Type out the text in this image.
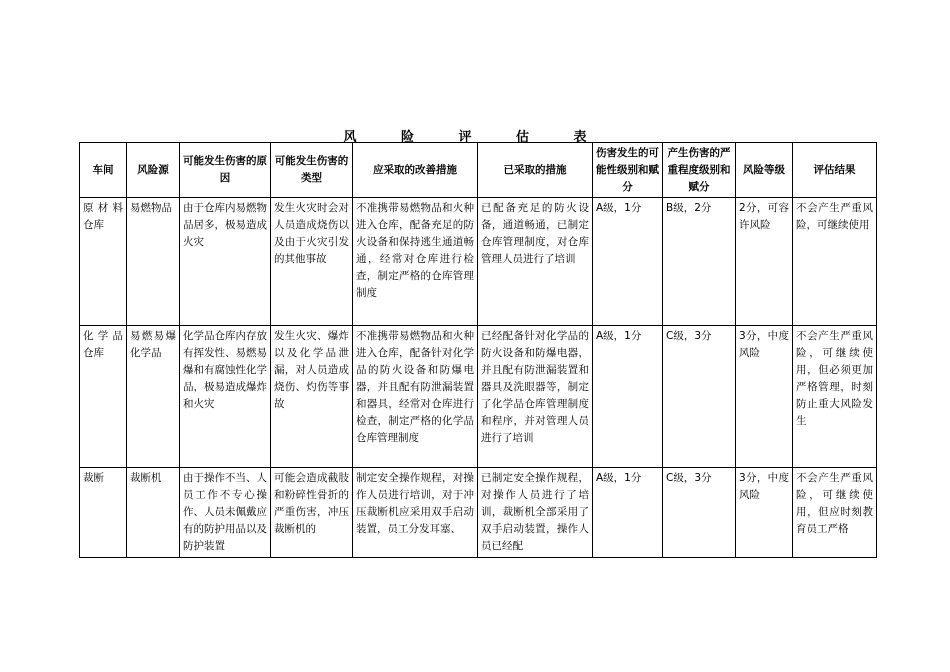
风 险 评 估 表
车间	风险源	可能发生伤害的原因	可能发生伤害的类型	应采取的改善措施	已采取的措施	伤害发生的可能性级别和赋分	产生伤害的严重程度级别和赋分	风险等级	评估结果
原材料仓库	易燃物品	由于仓库内易燃物品居多，极易造成火灾	发生火灾时会对人员造成烧伤以及由于火灾引发的其他事故	不准携带易燃物品和火种进入仓库，配备充足的防火设备和保持逃生通道畅通，经常对仓库进行检查，制定严格的仓库管理制度	已配备充足的防火设备，通道畅通，已制定仓库管理制度，对仓库管理人员进行了培训	A级，1分	B级，2分	2分，可容许风险	不会产生严重风险，可继续使用
化学品仓库	易燃易爆化学品	化学品仓库内存放有挥发性、易燃易爆和有腐蚀性化学品，极易造成爆炸和火灾	发生火灾、爆炸以及化学品泄漏，对人员造成烧伤、灼伤等事故	不准携带易燃物品和火种进入仓库，配备针对化学品的防火设备和防爆电器，并且配有防泄漏装置和器具，经常对仓库进行检查，制定严格的化学品仓库管理制度	已经配备针对化学品的防火设备和防爆电器，并且配有防泄漏装置和器具及洗眼器等，制定了化学品仓库管理制度和程序，并对管理人员进行了培训	A级，1分	C级，3分	3分，中度风险	不会产生严重风险，可继续使用，但必须更加严格管理，时刻防止重大风险发生
裁断	裁断机	由于操作不当、人员工作不专心操作、人员未佩戴应有的防护用品以及防护装置	可能会造成截肢和粉碎性骨折的严重伤害，冲压裁断机的	制定安全操作规程，对操作人员进行培训，对于冲压裁断机应采用双手启动装置，员工分发耳塞、	已制定安全操作规程，对操作人员进行了培训，裁断机全部采用了双手启动装置，操作人员已经配	A级，1分	C级，3分	3分，中度风险	不会产生严重风险，可继续使用，但应时刻教育员工严格
